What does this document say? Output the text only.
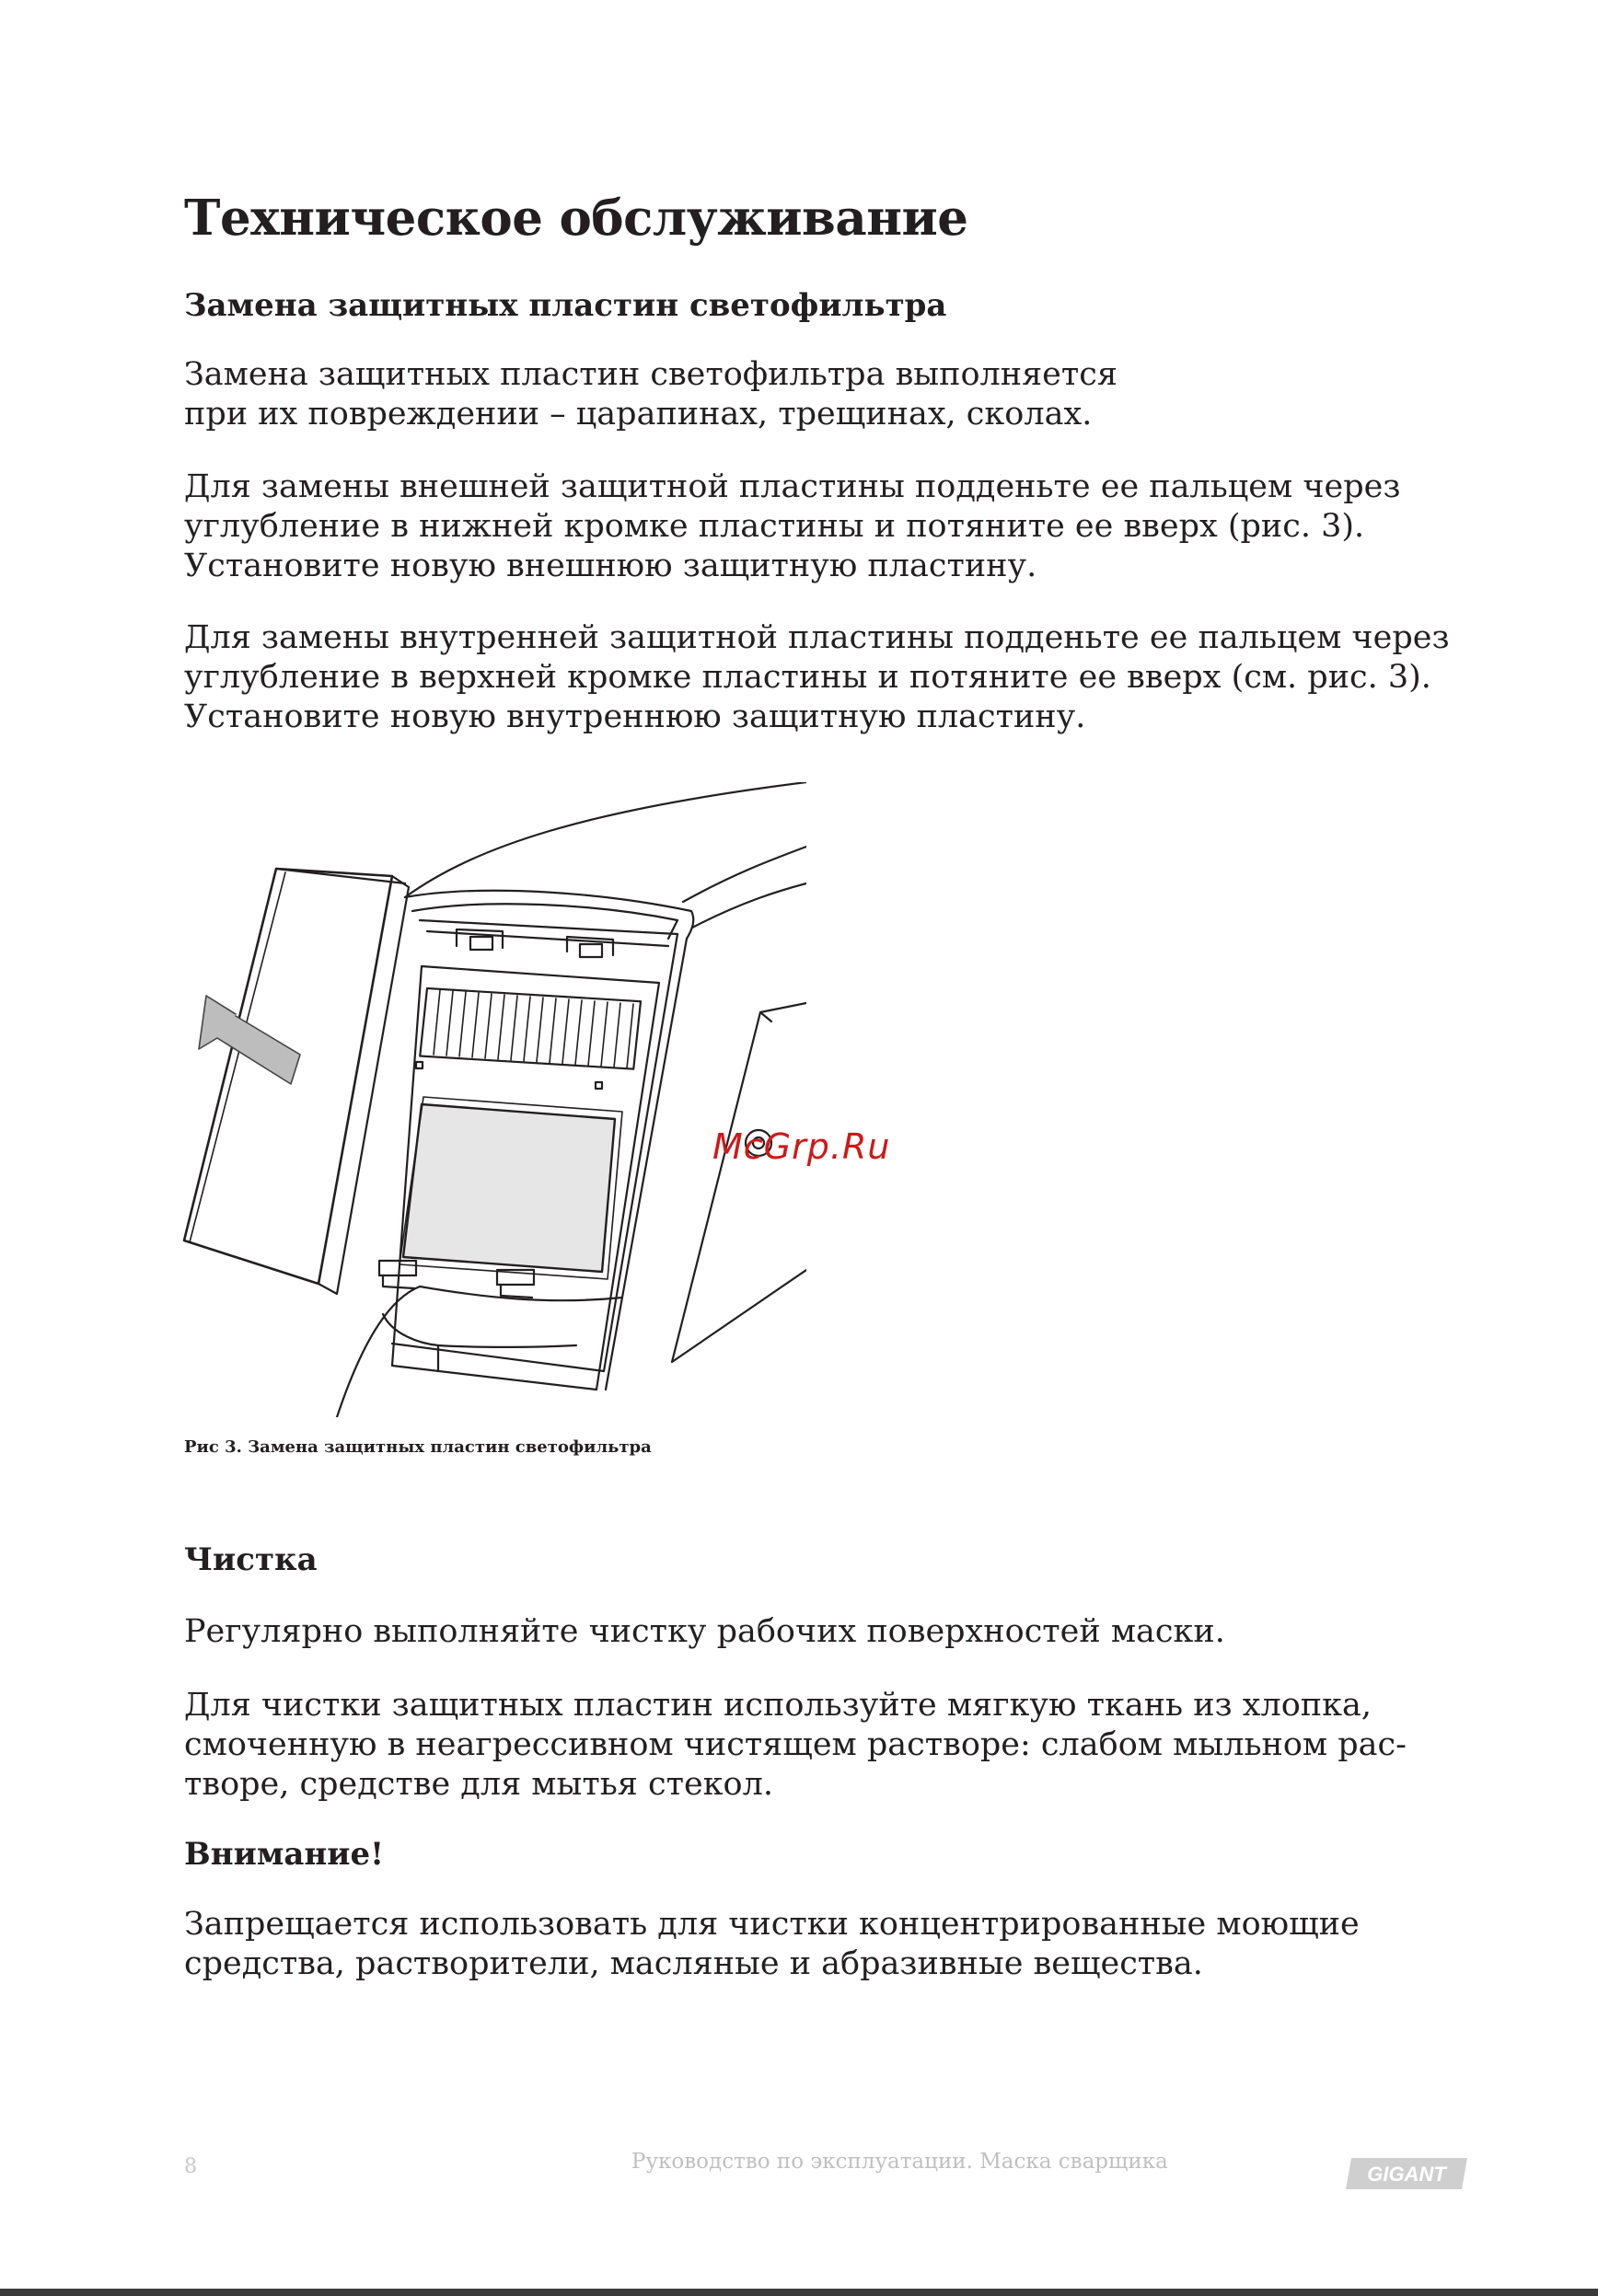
Техническое обслуживание
Замена защитных пластин светофильтра

Замена защитных пластин светофильтра выполняется
при их повреждении – царапинах, трещинах, сколах.

Для замены внешней защитной пластины подденьте ее пальцем через
углубление в нижней кромке пластины и потяните ее вверх (рис. 3).
Установите новую внешнюю защитную пластину.

Для замены внутренней защитной пластины подденьте ее пальцем через
углубление в верхней кромке пластины и потяните ее вверх (см. рис. 3).
Установите новую внутреннюю защитную пластину.

McGrp.Ru
Рис 3. Замена защитных пластин светофильтра
Чистка

Регулярно выполняйте чистку рабочих поверхностей маски.

Для чистки защитных пластин используйте мягкую ткань из хлопка,
смоченную в неагрессивном чистящем растворе: слабом мыльном рас-
творе, средстве для мытья стекол.

Внимание!

Запрещается использовать для чистки концентрированные моющие
средства, растворители, масляные и абразивные вещества.

8	Руководство по эксплуатации. Маска сварщика
GIGANT
